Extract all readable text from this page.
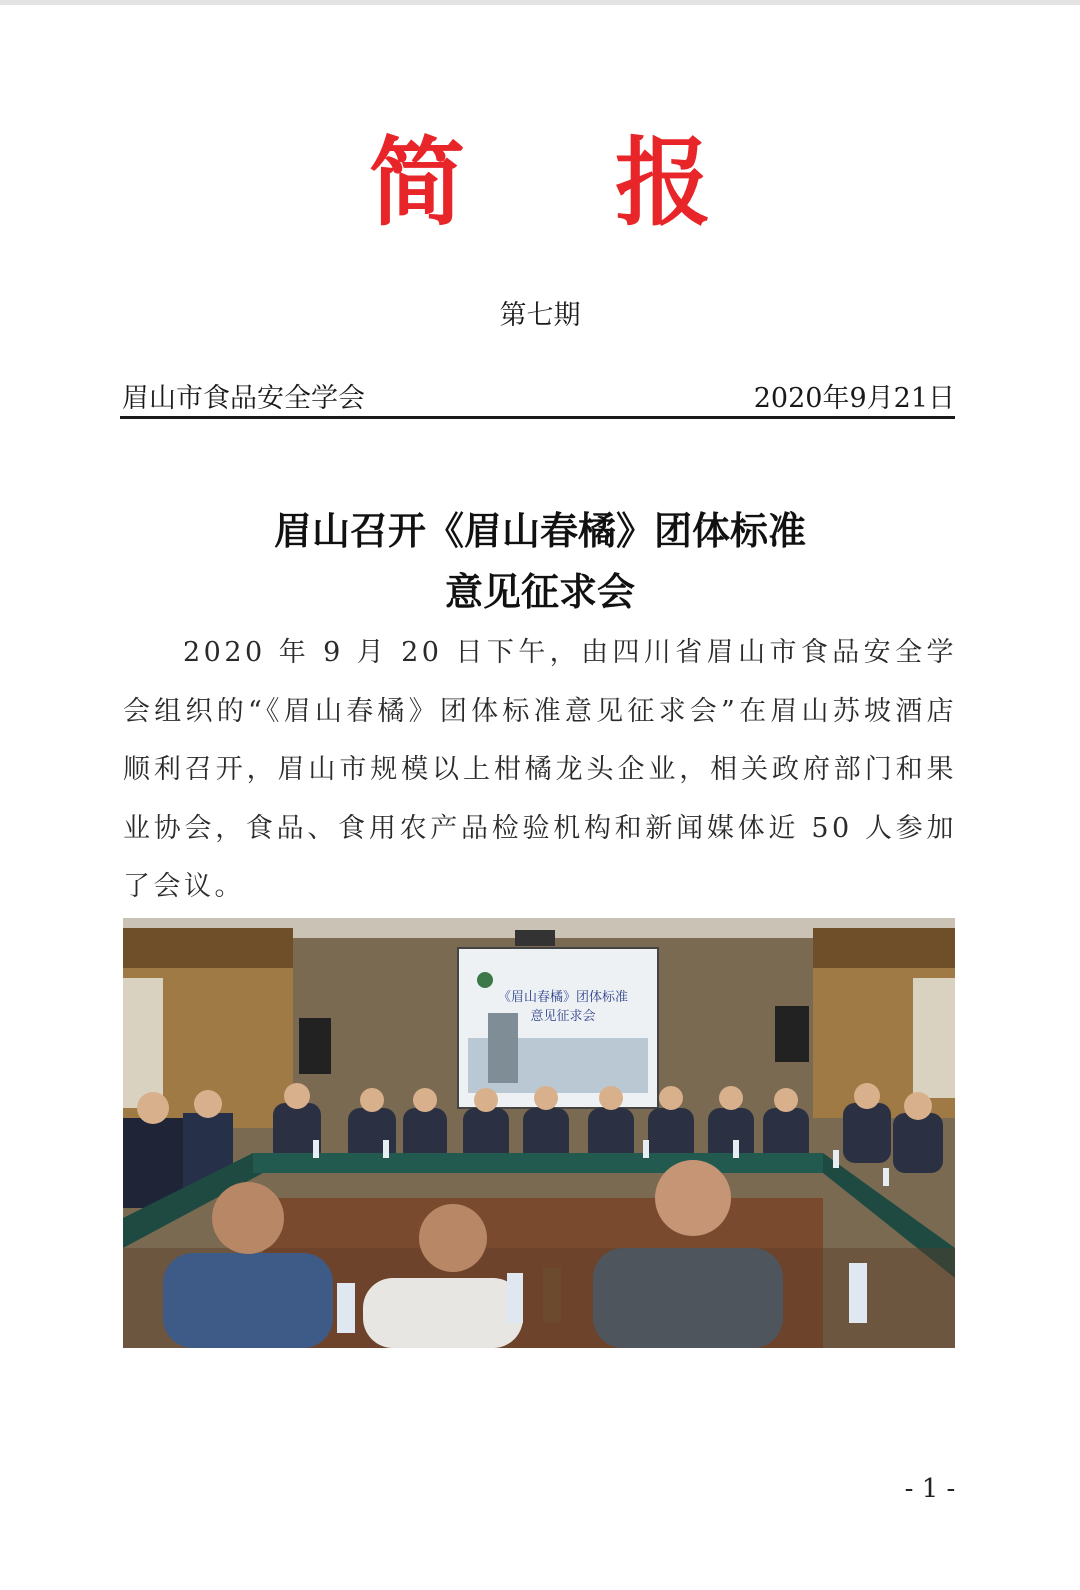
简 报
第七期
眉山市食品安全学会	2020年9月21日
眉山召开《眉山春橘》团体标准
意见征求会
2020 年 9 月 20 日下午，由四川省眉山市食品安全学会组织的“《眉山春橘》团体标准意见征求会”在眉山苏坡酒店顺利召开，眉山市规模以上柑橘龙头企业，相关政府部门和果业协会，食品、食用农产品检验机构和新闻媒体近 50 人参加了会议。
《眉山春橘》团体标准
意见征求会
- 1 -
